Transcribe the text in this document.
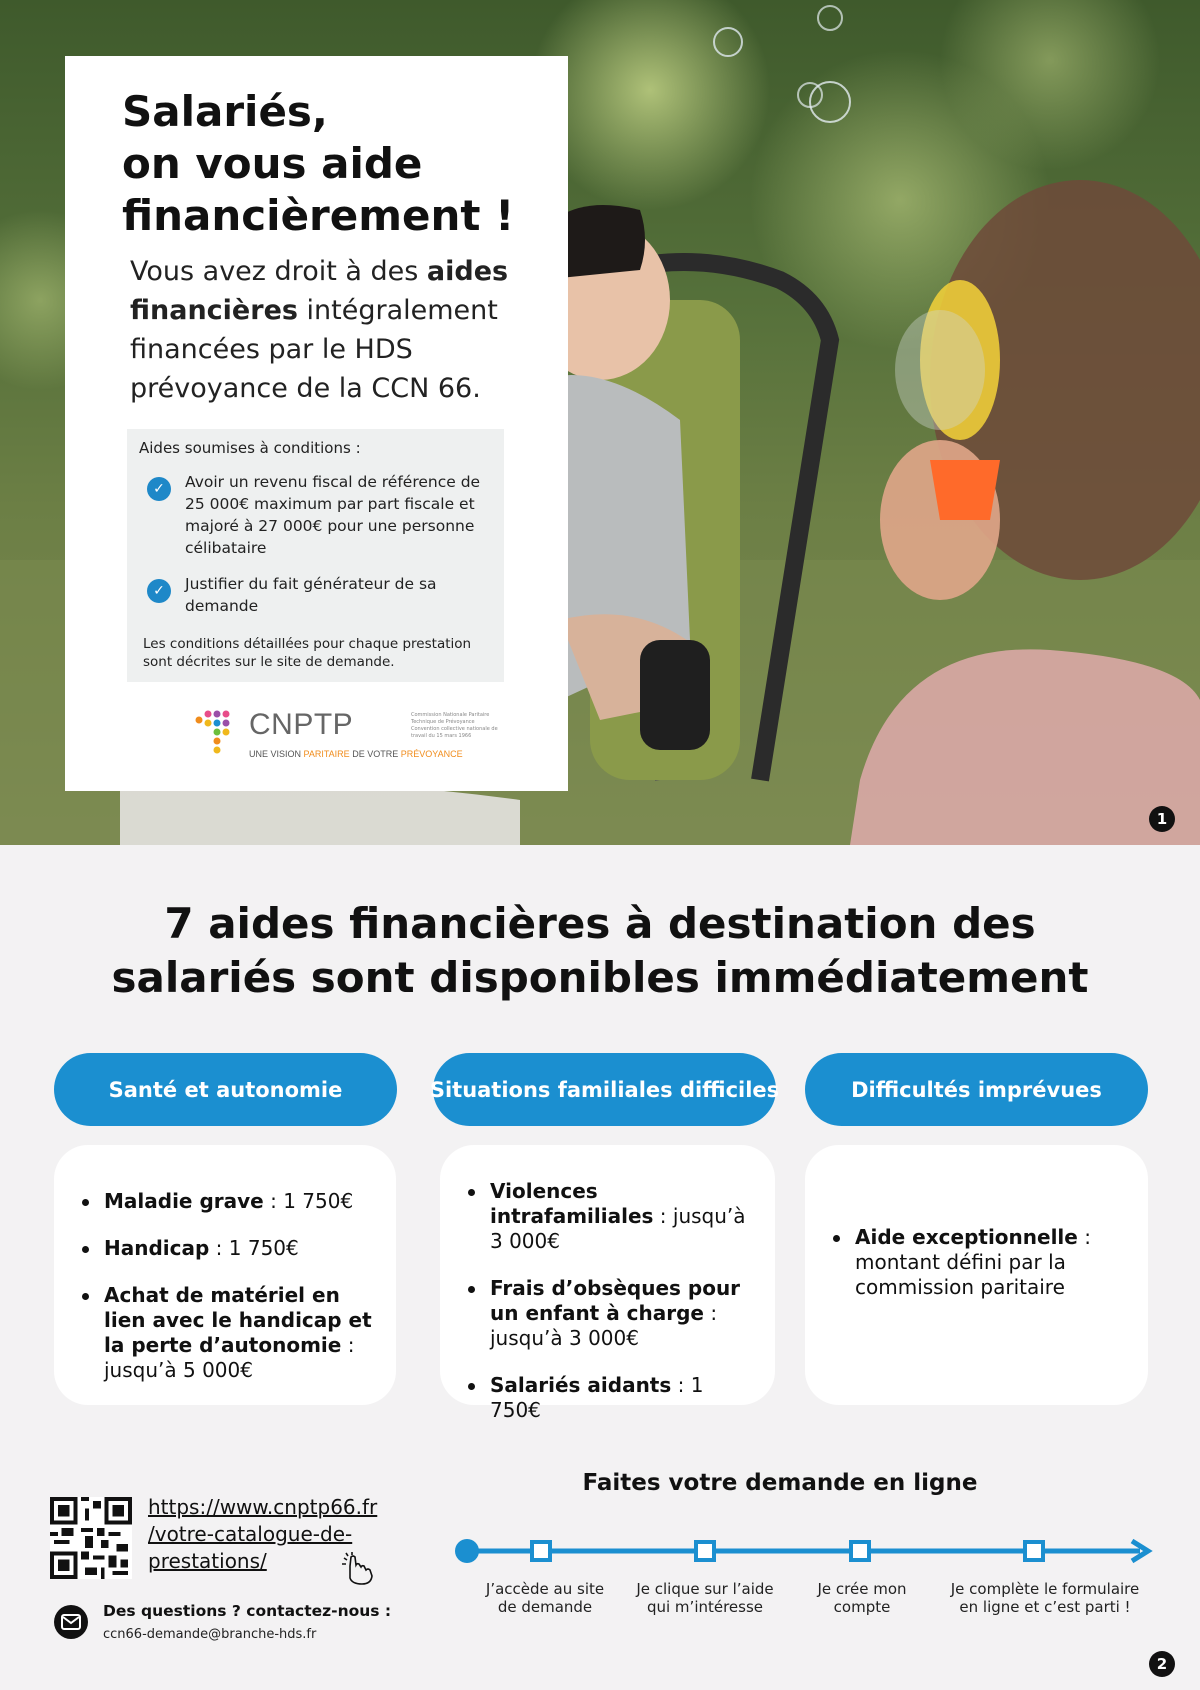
Salariés,
on vous aide
financièrement !

Vous avez droit à des aides financières intégralement financées par le HDS prévoyance de la CCN 66.

Aides soumises à conditions :
✓	Avoir un revenu fiscal de référence de 25 000€ maximum par part fiscale et majoré à 27 000€ pour une personne célibataire
✓	Justifier du fait générateur de sa demande
Les conditions détaillées pour chaque prestation sont décrites sur le site de demande.
CNPTP	Commission Nationale Paritaire Technique de Prévoyance Convention collective nationale de travail du 15 mars 1966
UNE VISION PARITAIRE DE VOTRE PRÉVOYANCE
1
7 aides financières à destination des
salariés sont disponibles immédiatement
Santé et autonomie	Situations familiales difficiles	Difficultés imprévues
Maladie grave : 1 750€
Handicap : 1 750€
Achat de matériel en lien avec le handicap et la perte d’autonomie : jusqu’à 5 000€
Violences intrafamiliales : jusqu’à 3 000€
Frais d’obsèques pour un enfant à charge : jusqu’à 3 000€
Salariés aidants : 1 750€
Aide exceptionnelle : montant défini par la commission paritaire
https://www.cnptp66.fr
/votre-catalogue-de-
prestations/
Des questions ? contactez-nous :
ccn66-demande@branche-hds.fr
Faites votre demande en ligne
J’accède au site
de demande
Je clique sur l’aide
qui m’intéresse
Je crée mon
compte
Je complète le formulaire
en ligne et c’est parti !
2
